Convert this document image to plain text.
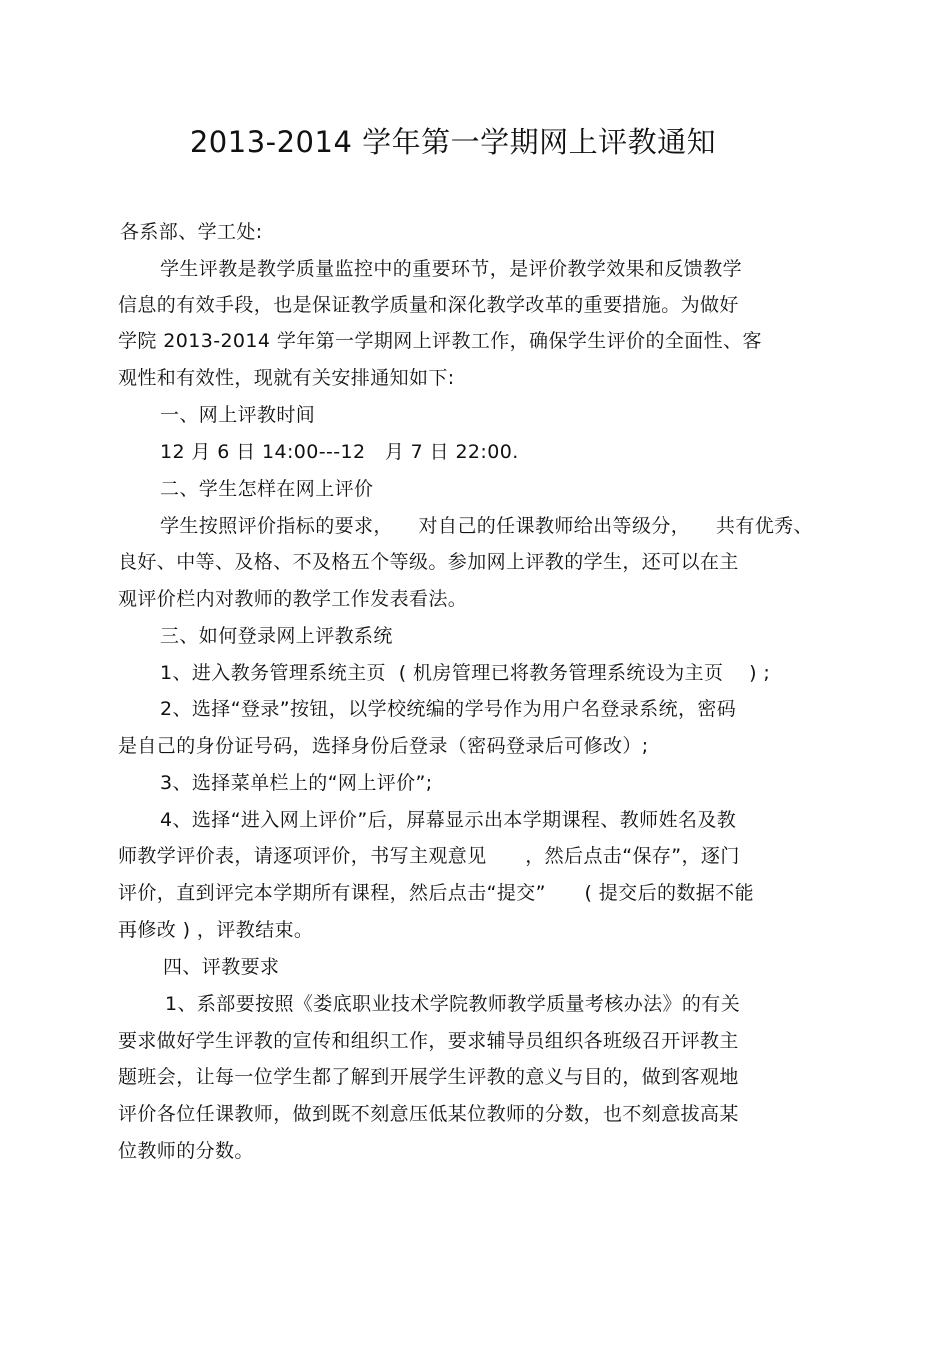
2013-2014 学年第一学期网上评教通知
各系部、学工处:
学生评教是教学质量监控中的重要环节，是评价教学效果和反馈教学
信息的有效手段，也是保证教学质量和深化教学改革的重要措施。为做好
学院 2013-2014 学年第一学期网上评教工作，确保学生评价的全面性、客
观性和有效性，现就有关安排通知如下:
一、网上评教时间
12 月 6 日 14:00---12   月 7 日 22:00.
二、学生怎样在网上评价
学生按照评价指标的要求，    对自己的任课教师给出等级分，    共有优秀、
良好、中等、及格、不及格五个等级。参加网上评教的学生，还可以在主
观评价栏内对教师的教学工作发表看法。
三、如何登录网上评教系统
1、进入教务管理系统主页  ( 机房管理已将教务管理系统设为主页    ) ;
2、选择“登录”按钮，以学校统编的学号作为用户名登录系统，密码
是自己的身份证号码，选择身份后登录（密码登录后可修改）;
3、选择菜单栏上的“网上评价”;
4、选择“进入网上评价”后，屏幕显示出本学期课程、教师姓名及教
师教学评价表，请逐项评价，书写主观意见      ，然后点击“保存”，逐门
评价，直到评完本学期所有课程，然后点击“提交”      ( 提交后的数据不能
再修改 ) ，评教结束。
四、评教要求
1、系部要按照《娄底职业技术学院教师教学质量考核办法》的有关
要求做好学生评教的宣传和组织工作，要求辅导员组织各班级召开评教主
题班会，让每一位学生都了解到开展学生评教的意义与目的，做到客观地
评价各位任课教师，做到既不刻意压低某位教师的分数，也不刻意拔高某
位教师的分数。
